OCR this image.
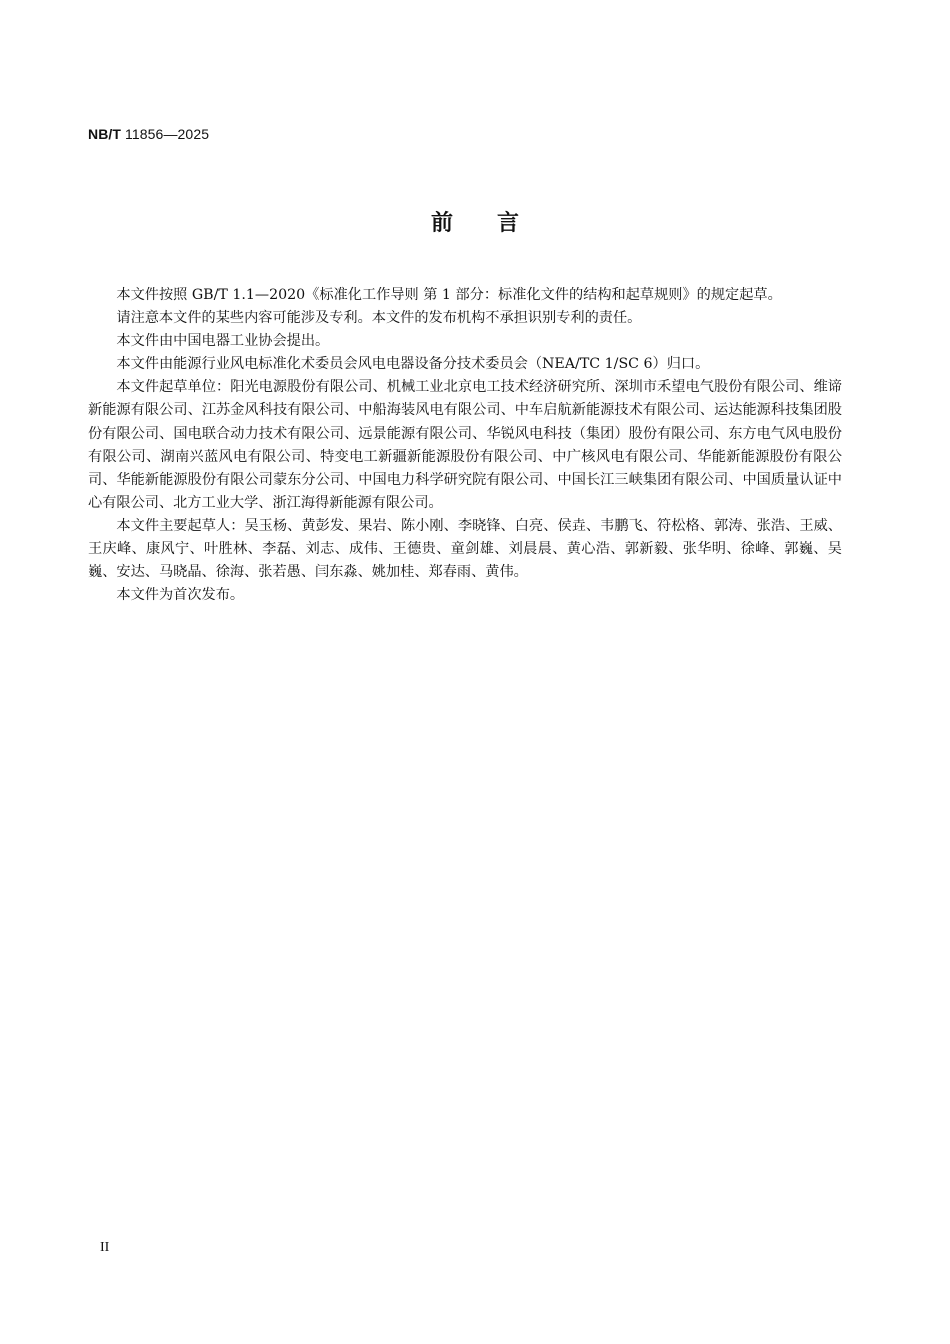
NB/T 11856—2025
前言

本文件按照 GB/T 1.1—2020《标准化工作导则 第 1 部分：标准化文件的结构和起草规则》的规定起草。

请注意本文件的某些内容可能涉及专利。本文件的发布机构不承担识别专利的责任。

本文件由中国电器工业协会提出。

本文件由能源行业风电标准化术委员会风电电器设备分技术委员会（NEA/TC 1/SC 6）归口。

本文件起草单位：阳光电源股份有限公司、机械工业北京电工技术经济研究所、深圳市禾望电气股份有限公司、维谛新能源有限公司、江苏金风科技有限公司、中船海装风电有限公司、中车启航新能源技术有限公司、运达能源科技集团股份有限公司、国电联合动力技术有限公司、远景能源有限公司、华锐风电科技（集团）股份有限公司、东方电气风电股份有限公司、湖南兴蓝风电有限公司、特变电工新疆新能源股份有限公司、中广核风电有限公司、华能新能源股份有限公司、华能新能源股份有限公司蒙东分公司、中国电力科学研究院有限公司、中国长江三峡集团有限公司、中国质量认证中心有限公司、北方工业大学、浙江海得新能源有限公司。

本文件主要起草人：吴玉杨、黄彭发、果岩、陈小刚、李晓锋、白亮、侯垚、韦鹏飞、符松格、郭涛、张浩、王威、王庆峰、康风宁、叶胜林、李磊、刘志、成伟、王德贵、童剑雄、刘晨晨、黄心浩、郭新毅、张华明、徐峰、郭巍、吴巍、安达、马晓晶、徐海、张若愚、闫东淼、姚加桂、郑春雨、黄伟。

本文件为首次发布。

II
